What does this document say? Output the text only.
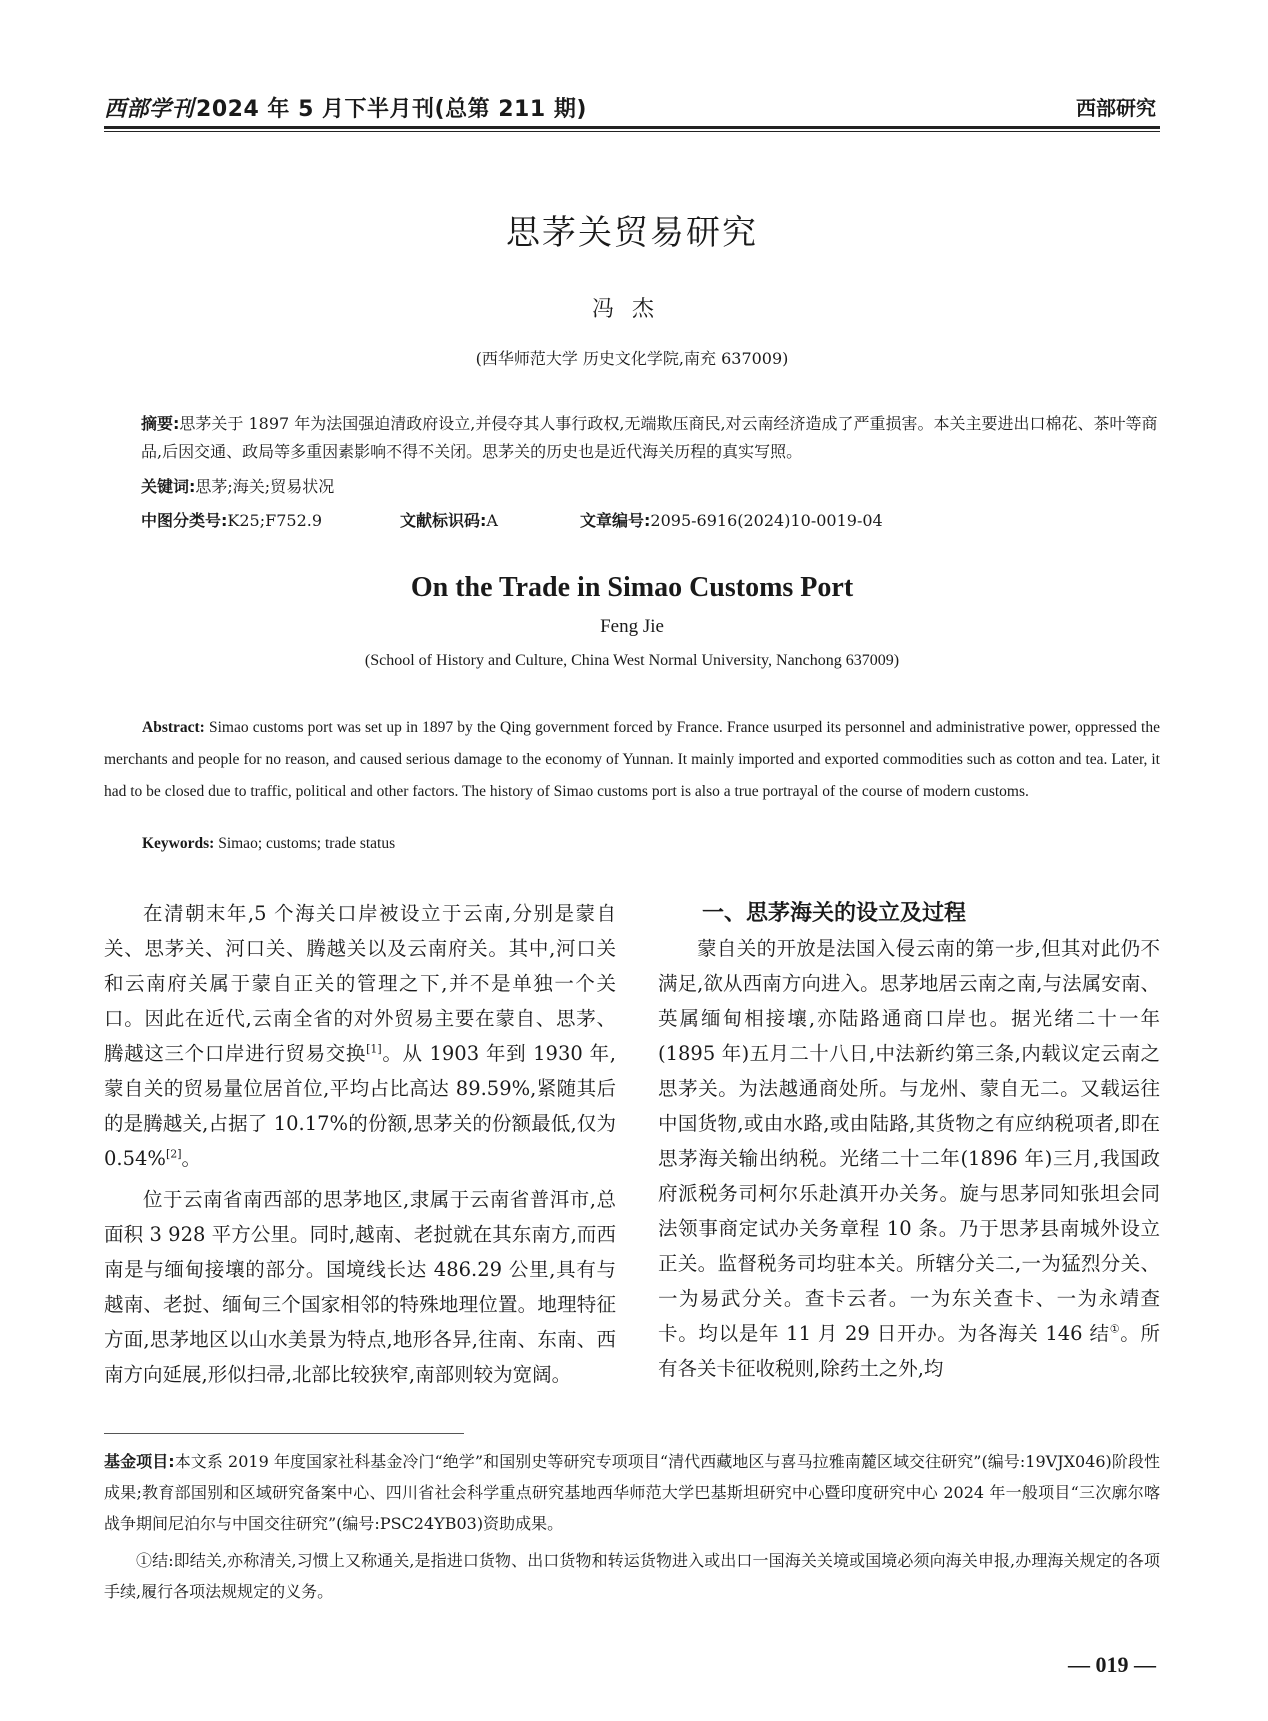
西部学刊2024 年 5 月下半月刊(总第 211 期)	西部研究
思茅关贸易研究
冯杰
(西华师范大学 历史文化学院,南充 637009)
摘要:思茅关于 1897 年为法国强迫清政府设立,并侵夺其人事行政权,无端欺压商民,对云南经济造成了严重损害。本关主要进出口棉花、茶叶等商品,后因交通、政局等多重因素影响不得不关闭。思茅关的历史也是近代海关历程的真实写照。
关键词:思茅;海关;贸易状况
中图分类号:K25;F752.9	文献标识码:A	文章编号:2095-6916(2024)10-0019-04
On the Trade in Simao Customs Port
Feng Jie
(School of History and Culture, China West Normal University, Nanchong 637009)
Abstract: Simao customs port was set up in 1897 by the Qing government forced by France. France usurped its personnel and administrative power, oppressed the merchants and people for no reason, and caused serious damage to the economy of Yunnan. It mainly imported and exported commodities such as cotton and tea. Later, it had to be closed due to traffic, political and other factors. The history of Simao customs port is also a true portrayal of the course of modern customs.
Keywords: Simao; customs; trade status

在清朝末年,5 个海关口岸被设立于云南,分别是蒙自关、思茅关、河口关、腾越关以及云南府关。其中,河口关和云南府关属于蒙自正关的管理之下,并不是单独一个关口。因此在近代,云南全省的对外贸易主要在蒙自、思茅、腾越这三个口岸进行贸易交换[1]。从 1903 年到 1930 年,蒙自关的贸易量位居首位,平均占比高达 89.59%,紧随其后的是腾越关,占据了 10.17%的份额,思茅关的份额最低,仅为 0.54%[2]。

位于云南省南西部的思茅地区,隶属于云南省普洱市,总面积 3 928 平方公里。同时,越南、老挝就在其东南方,而西南是与缅甸接壤的部分。国境线长达 486.29 公里,具有与越南、老挝、缅甸三个国家相邻的特殊地理位置。地理特征方面,思茅地区以山水美景为特点,地形各异,往南、东南、西南方向延展,形似扫帚,北部比较狭窄,南部则较为宽阔。

一、思茅海关的设立及过程

蒙自关的开放是法国入侵云南的第一步,但其对此仍不满足,欲从西南方向进入。思茅地居云南之南,与法属安南、英属缅甸相接壤,亦陆路通商口岸也。据光绪二十一年(1895 年)五月二十八日,中法新约第三条,内载议定云南之思茅关。为法越通商处所。与龙州、蒙自无二。又载运往中国货物,或由水路,或由陆路,其货物之有应纳税项者,即在思茅海关输出纳税。光绪二十二年(1896 年)三月,我国政府派税务司柯尔乐赴滇开办关务。旋与思茅同知张坦会同法领事商定试办关务章程 10 条。乃于思茅县南城外设立正关。监督税务司均驻本关。所辖分关二,一为猛烈分关、一为易武分关。查卡云者。一为东关查卡、一为永靖查卡。均以是年 11 月 29 日开办。为各海关 146 结①。所有各关卡征收税则,除药土之外,均

基金项目:本文系 2019 年度国家社科基金冷门“绝学”和国别史等研究专项项目“清代西藏地区与喜马拉雅南麓区域交往研究”(编号:19VJX046)阶段性成果;教育部国别和区域研究备案中心、四川省社会科学重点研究基地西华师范大学巴基斯坦研究中心暨印度研究中心 2024 年一般项目“三次廓尔喀战争期间尼泊尔与中国交往研究”(编号:PSC24YB03)资助成果。
①结:即结关,亦称清关,习惯上又称通关,是指进口货物、出口货物和转运货物进入或出口一国海关关境或国境必须向海关申报,办理海关规定的各项手续,履行各项法规规定的义务。
— 019 —
